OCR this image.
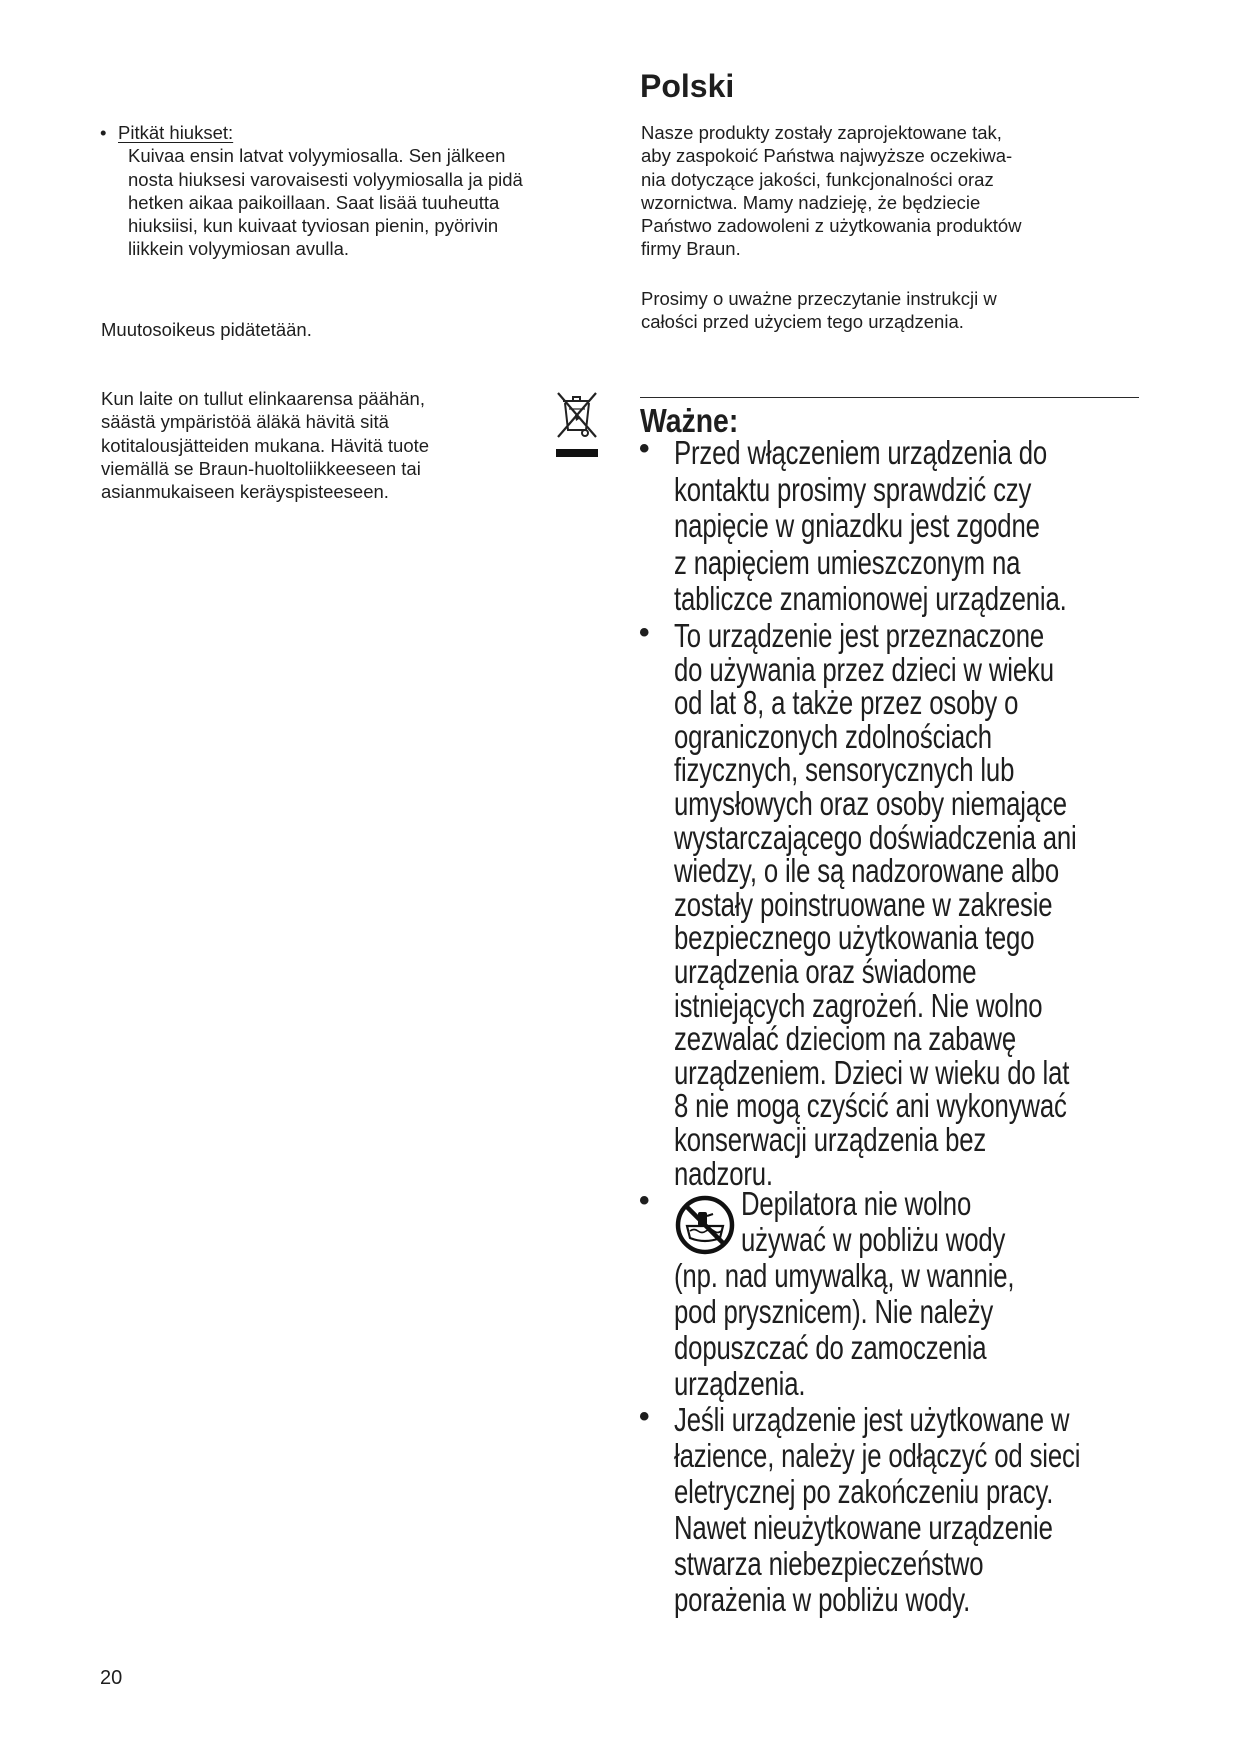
• Pitkät hiukset:
Kuivaa ensin latvat volyymiosalla. Sen jälkeen
nosta hiuksesi varovaisesti volyymiosalla ja pidä
hetken aikaa paikoillaan. Saat lisää tuuheutta
hiuksiisi, kun kuivaat tyviosan pienin, pyörivin
liikkein volyymiosan avulla.
Muutosoikeus pidätetään.
Kun laite on tullut elinkaarensa päähän,
säästä ympäristöä äläkä hävitä sitä
kotitalousjätteiden mukana. Hävitä tuote
viemällä se Braun-huoltoliikkeeseen tai
asianmukaiseen keräyspisteeseen.
20
Polski
Nasze produkty zostały zaprojektowane tak,
aby zaspokoić Państwa najwyższe oczekiwa-
nia dotyczące jakości, funkcjonalności oraz
wzornictwa. Mamy nadzieję, że będziecie
Państwo zadowoleni z użytkowania produktów
firmy Braun.
Prosimy o uważne przeczytanie instrukcji w
całości przed użyciem tego urządzenia.
Ważne:
• Przed włączeniem urządzenia do
kontaktu prosimy sprawdzić czy
napięcie w gniazdku jest zgodne
z napięciem umieszczonym na
tabliczce znamionowej urządzenia.
• To urządzenie jest przeznaczone
do używania przez dzieci w wieku
od lat 8, a także przez osoby o
ograniczonych zdolnościach
fizycznych, sensorycznych lub
umysłowych oraz osoby niemające
wystarczającego doświadczenia ani
wiedzy, o ile są nadzorowane albo
zostały poinstruowane w zakresie
bezpiecznego użytkowania tego
urządzenia oraz świadome
istniejących zagrożeń. Nie wolno
zezwalać dzieciom na zabawę
urządzeniem. Dzieci w wieku do lat
8 nie mogą czyścić ani wykonywać
konserwacji urządzenia bez
nadzoru.
•	Depilatora nie wolno
używać w pobliżu wody
(np. nad umywalką, w wannie,
pod prysznicem). Nie należy
dopuszczać do zamoczenia
urządzenia.
• Jeśli urządzenie jest użytkowane w
łazience, należy je odłączyć od sieci
eletrycznej po zakończeniu pracy.
Nawet nieużytkowane urządzenie
stwarza niebezpieczeństwo
porażenia w pobliżu wody.
